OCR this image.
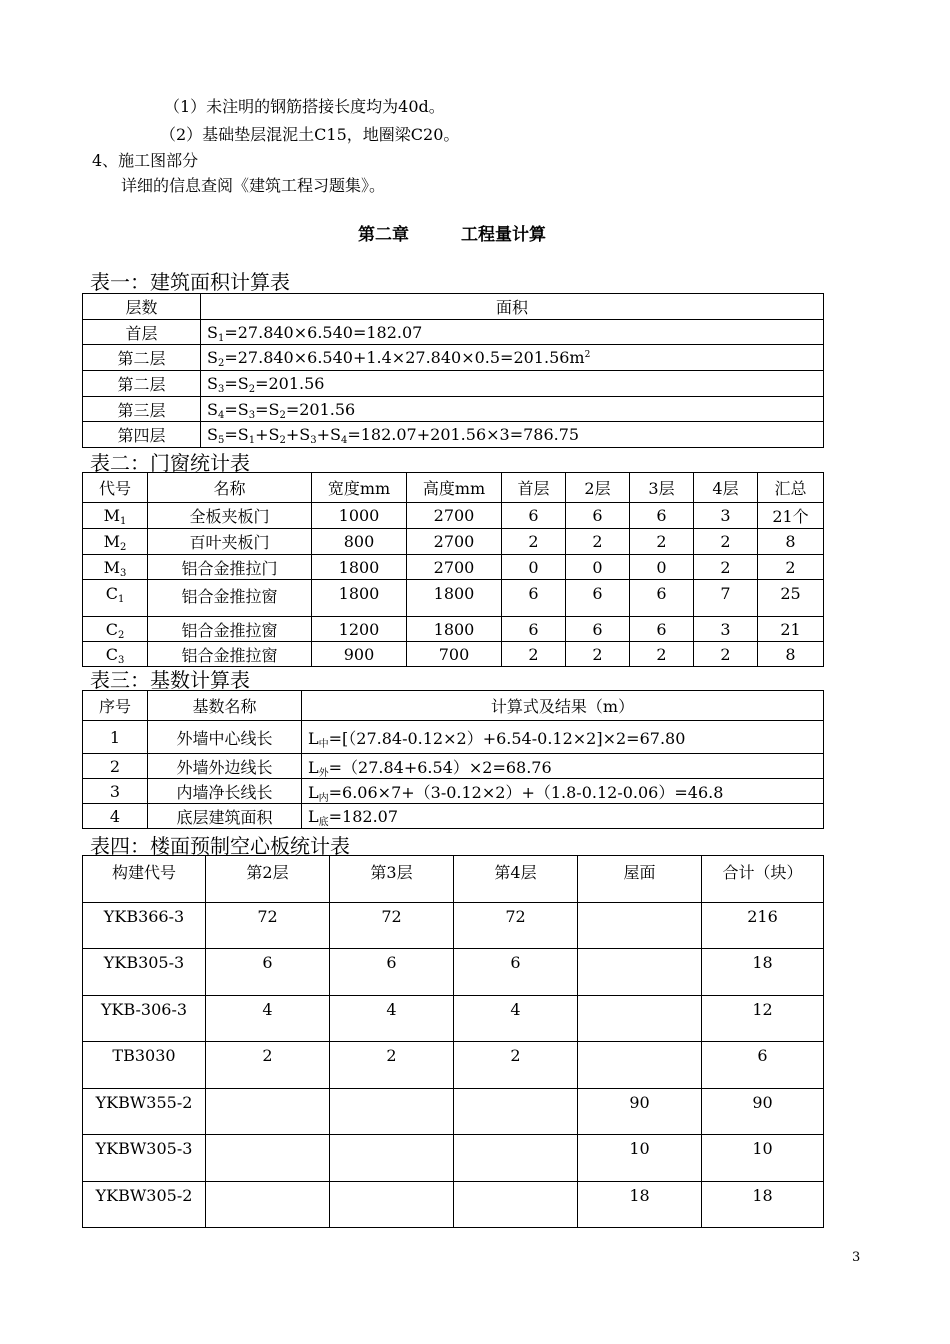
（1）未注明的钢筋搭接长度均为40d。
（2）基础垫层混泥土C15，地圈梁C20。
4、施工图部分
详细的信息查阅《建筑工程习题集》。
第二章	工程量计算
表一：建筑面积计算表
层数	面积
首层	$S_1=27.840\times 6.540=182.07$
第二层	$S_2=27.840\times 6.540+1.4\times 27.840\times 0.5=201.56m^2$
第二层	$S_3=S_2=201.56$
第三层	$S_4=S_3=S_2=201.56$
第四层	$S_5=S_1+S_2+S_3+S_4=182.07+201.56\times 3=786.75$
表二：门窗统计表
代号	名称	宽度mm	高度mm	首层	2层	3层	4层	汇总
$M_1$	全板夹板门	1000	2700	6	6	6	3	21个
$M_2$	百叶夹板门	800	2700	2	2	2	2	8
$M_3$	铝合金推拉门	1800	2700	0	0	0	2	2
$C_1$	铝合金推拉窗	1800	1800	6	6	6	7	25
$C_2$	铝合金推拉窗	1200	1800	6	6	6	3	21
$C_3$	铝合金推拉窗	900	700	2	2	2	2	8
表三：基数计算表
序号	基数名称	计算式及结果（m）
1	外墙中心线长	$L_中=[(27.84-0.12\times 2)+6.54-0.12\times 2]\times 2=67.80$
2	外墙外边线长	$L_外=(27.84+6.54)\times 2=68.76$
3	内墙净长线长	$L_内=6.06\times 7+(3-0.12\times 2)+(1.8-0.12-0.06)=46.8$
4	底层建筑面积	$L_底=182.07$
表四：楼面预制空心板统计表
构建代号	第2层	第3层	第4层	屋面	合计（块）
YKB366-3	72	72	72		216
YKB305-3	6	6	6		18
YKB-306-3	4	4	4		12
TB3030	2	2	2		6
YKBW355-2				90	90
YKBW305-3				10	10
YKBW305-2				18	18
3
